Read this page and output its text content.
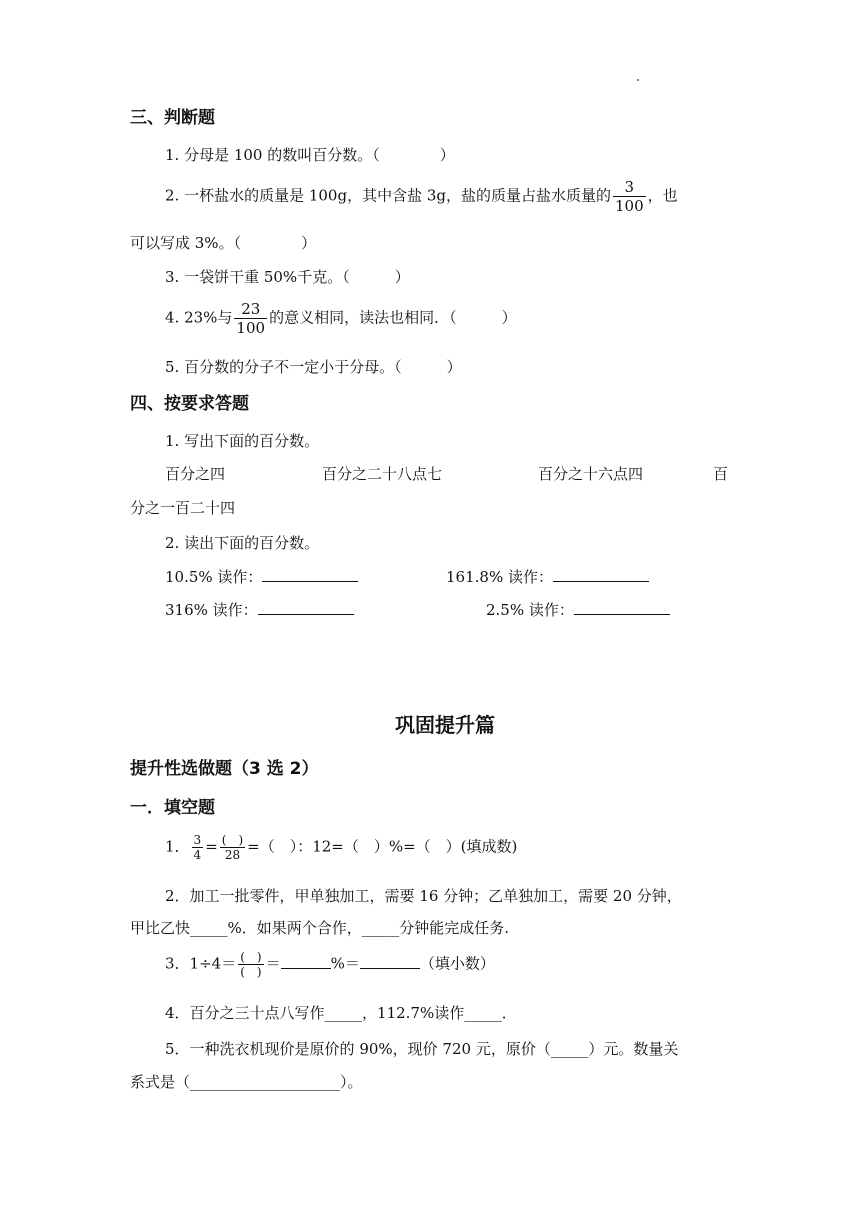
三、判断题
1. 分母是 100 的数叫百分数。（　　　　）
2. 一杯盐水的质量是 100g，其中含盐 3g，盐的质量占盐水质量的 $\frac{3}{100}$ ，也
可以写成 3%。（　　　　）
3. 一袋饼干重 50%千克。（　　　）
4. 23%与 $\frac{23}{100}$ 的意义相同，读法也相同．（　　　）
5. 百分数的分子不一定小于分母。（　　　）
四、按要求答题
1. 写出下面的百分数。
百分之四	百分之二十八点七	百分之十六点四	百
分之一百二十四
2. 读出下面的百分数。
10.5% 读作：	161.8% 读作：
316% 读作：	2.5% 读作：
巩固提升篇
提升性选做题（3 选 2）
一．填空题
1． $\frac{3}{4} = \frac{( )}{28}$ =（　）：12=（　）%=（　）(填成数)
2．加工一批零件，甲单独加工，需要 16 分钟；乙单独加工，需要 20 分钟，
甲比乙快_____%．如果两个合作，_____分钟能完成任务.
3．$1\div 4= \frac{( )}{( )}$ ＝	%＝	（填小数）
4．百分之三十点八写作_____，112.7%读作_____．
5．一种洗衣机现价是原价的 90%，现价 720 元，原价（_____）元。数量关
系式是（____________________）。
